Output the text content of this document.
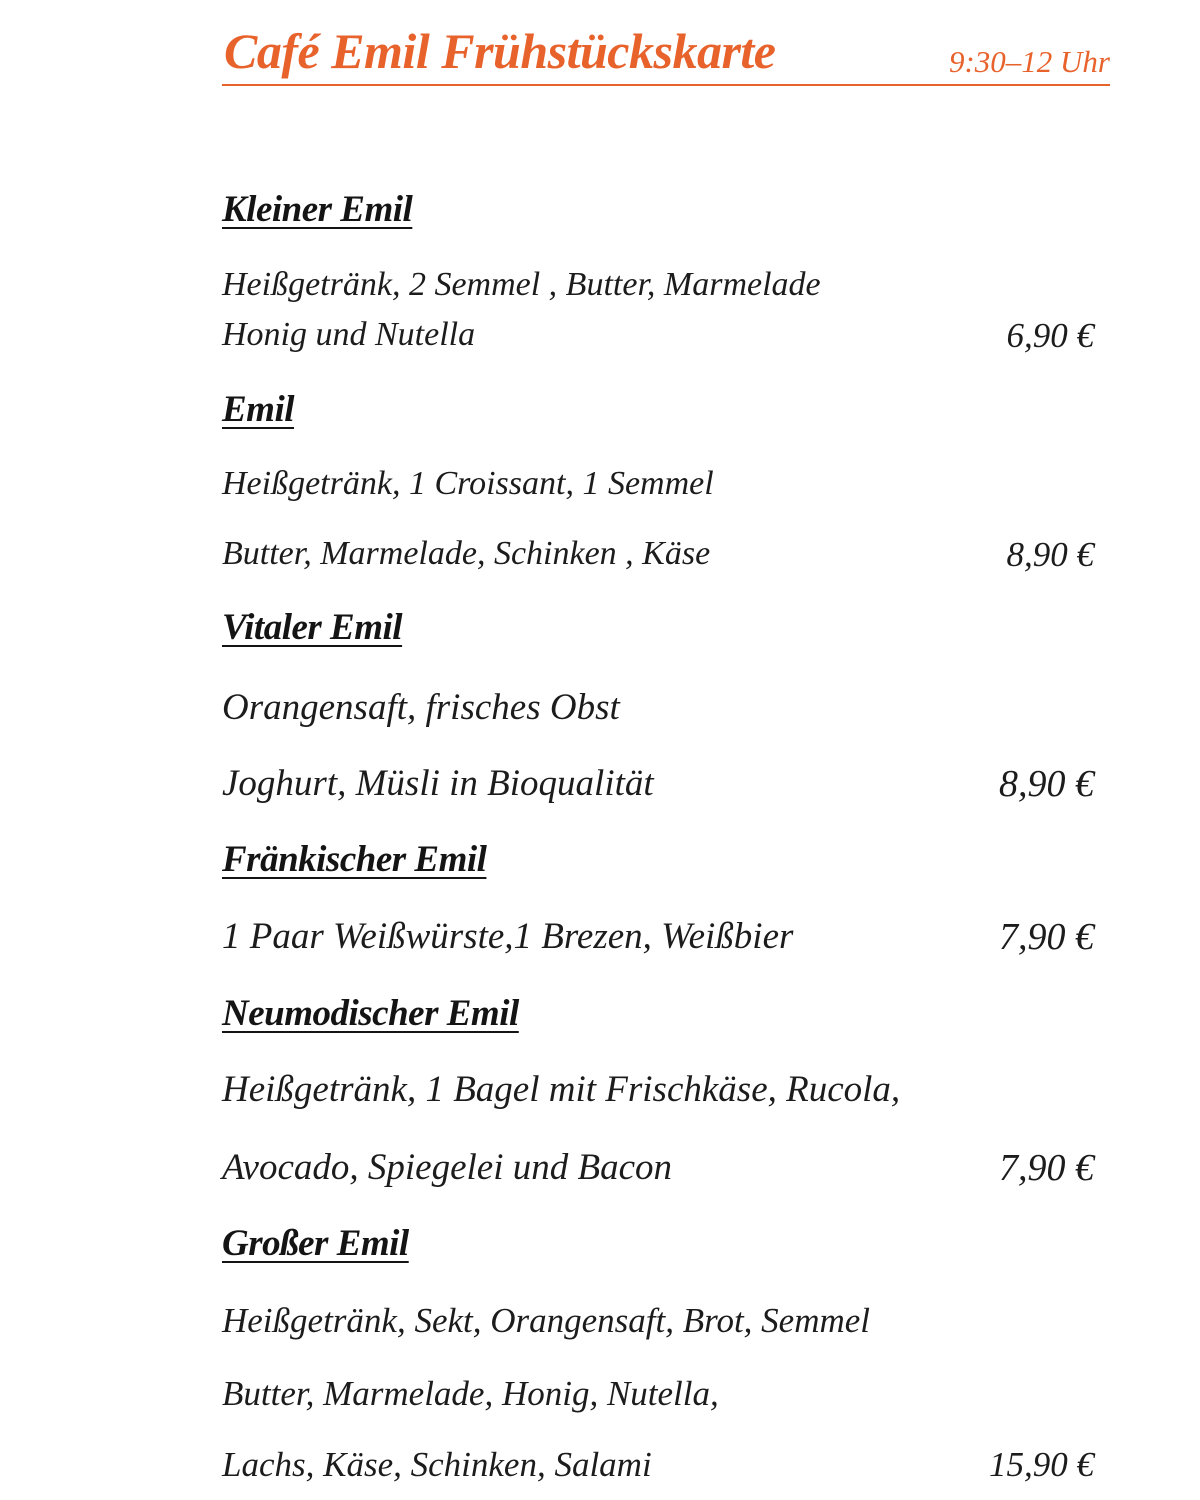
Café Emil Frühstückskarte	9:30–12 Uhr
Kleiner Emil
Heißgetränk, 2 Semmel , Butter, Marmelade
Honig und Nutella	6,90 €
Emil
Heißgetränk, 1 Croissant, 1 Semmel
Butter, Marmelade, Schinken , Käse	8,90 €
Vitaler Emil
Orangensaft, frisches Obst
Joghurt, Müsli in Bioqualität	8,90 €
Fränkischer Emil
1 Paar Weißwürste,1 Brezen, Weißbier	7,90 €
Neumodischer Emil
Heißgetränk, 1 Bagel mit Frischkäse, Rucola,
Avocado, Spiegelei und Bacon	7,90 €
Großer Emil
Heißgetränk, Sekt, Orangensaft, Brot, Semmel
Butter, Marmelade, Honig, Nutella,
Lachs, Käse, Schinken, Salami	15,90 €
